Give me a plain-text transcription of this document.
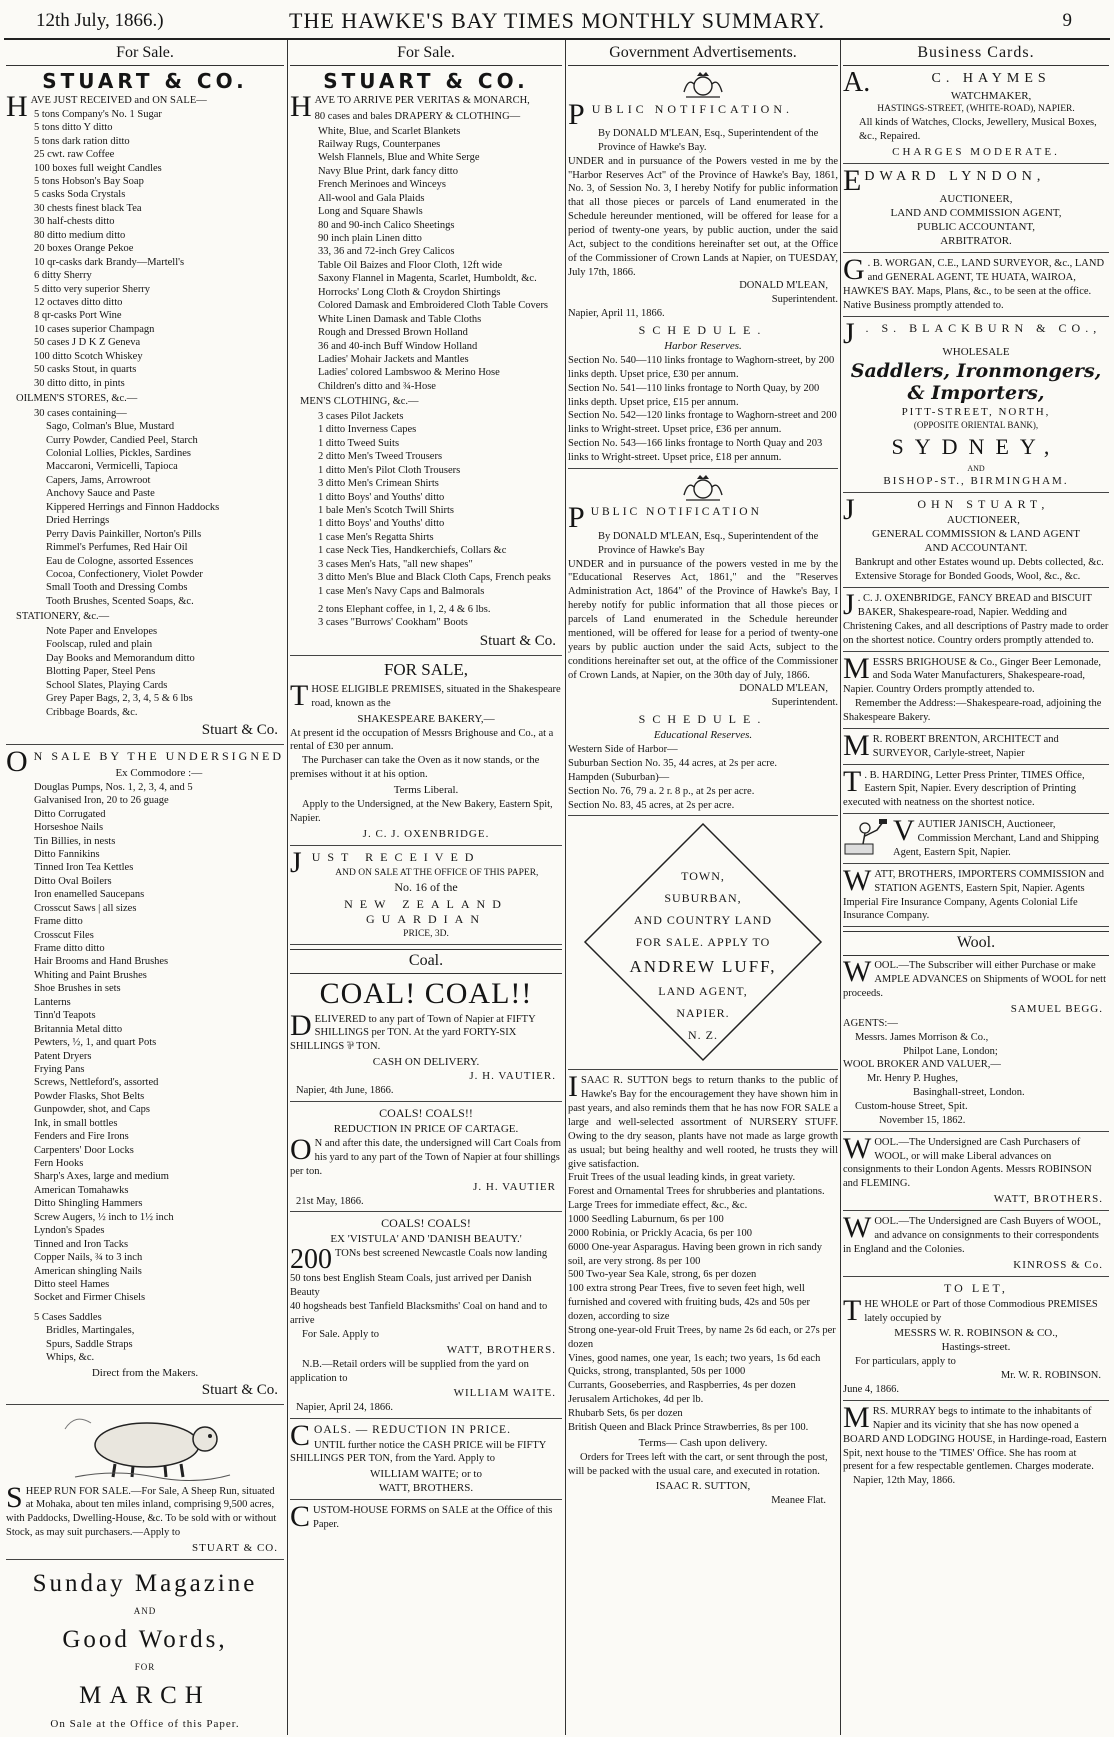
12th July, 1866.)	THE HAWKE'S BAY TIMES MONTHLY SUMMARY.	9
For Sale.
STUART & CO.

HAVE JUST RECEIVED and ON SALE—

5 tons Company's No. 1 Sugar

5 tons ditto Y ditto

5 tons dark ration ditto

25 cwt. raw Coffee

100 boxes full weight Candles

5 tons Hobson's Bay Soap

5 casks Soda Crystals

30 chests finest black Tea

30 half-chests ditto

80 ditto medium ditto

20 boxes Orange Pekoe

10 qr-casks dark Brandy—Martell's

6 ditty Sherry

5 ditto very superior Sherry

12 octaves ditto ditto

8 qr-casks Port Wine

10 cases superior Champagn

50 cases J D K Z Geneva

100 ditto Scotch Whiskey

50 casks Stout, in quarts

30 ditto ditto, in pints

OILMEN'S STORES, &c.—

30 cases containing—

Sago, Colman's Blue, Mustard

Curry Powder, Candied Peel, Starch

Colonial Lollies, Pickles, Sardines

Maccaroni, Vermicelli, Tapioca

Capers, Jams, Arrowroot

Anchovy Sauce and Paste

Kippered Herrings and Finnon Haddocks

Dried Herrings

Perry Davis Painkiller, Norton's Pills

Rimmel's Perfumes, Red Hair Oil

Eau de Cologne, assorted Essences

Cocoa, Confectionery, Violet Powder

Small Tooth and Dressing Combs

Tooth Brushes, Scented Soaps, &c.

STATIONERY, &c.—

Note Paper and Envelopes

Foolscap, ruled and plain

Day Books and Memorandum ditto

Blotting Paper, Steel Pens

School Slates, Playing Cards

Grey Paper Bags, 2, 3, 4, 5 & 6 lbs

Cribbage Boards, &c.

Stuart & Co.

O N SALE BY THE UNDERSIGNED

Ex Commodore :—

Douglas Pumps, Nos. 1, 2, 3, 4, and 5

Galvanised Iron, 20 to 26 guage

Ditto Corrugated

Horseshoe Nails

Tin Billies, in nests

Ditto Fannikins

Tinned Iron Tea Kettles

Ditto Oval Boilers

Iron enamelled Saucepans

Crosscut Saws | all sizes

Frame ditto

Crosscut Files

Frame ditto ditto

Hair Brooms and Hand Brushes

Whiting and Paint Brushes

Shoe Brushes in sets

Lanterns

Tinn'd Teapots

Britannia Metal ditto

Pewters, ½, 1, and quart Pots

Patent Dryers

Frying Pans

Screws, Nettleford's, assorted

Powder Flasks, Shot Belts

Gunpowder, shot, and Caps

Ink, in small bottles

Fenders and Fire Irons

Carpenters' Door Locks

Fern Hooks

Sharp's Axes, large and medium

American Tomahawks

Ditto Shingling Hammers

Screw Augers, ½ inch to 1½ inch

Lyndon's Spades

Tinned and Iron Tacks

Copper Nails, ¾ to 3 inch

American shingling Nails

Ditto steel Hames

Socket and Firmer Chisels

5 Cases Saddles

Bridles, Martingales,

Spurs, Saddle Straps

Whips, &c.

Direct from the Makers.

Stuart & Co.

SHEEP RUN FOR SALE.—For Sale, A Sheep Run, situated at Mohaka, about ten miles inland, comprising 9,500 acres, with Paddocks, Dwelling-House, &c. To be sold with or without Stock, as may suit purchasers.—Apply to

STUART & CO.
Sunday Magazine
AND
Good Words,
FOR
MARCH
On Sale at the Office of this Paper.
For Sale.
STUART & CO.

HAVE TO ARRIVE PER VERITAS & MONARCH,

80 cases and bales DRAPERY & CLOTHING—

White, Blue, and Scarlet Blankets

Railway Rugs, Counterpanes

Welsh Flannels, Blue and White Serge

Navy Blue Print, dark fancy ditto

French Merinoes and Winceys

All-wool and Gala Plaids

Long and Square Shawls

80 and 90-inch Calico Sheetings

90 inch plain Linen ditto

33, 36 and 72-inch Grey Calicos

Table Oil Baizes and Floor Cloth, 12ft wide

Saxony Flannel in Magenta, Scarlet, Humboldt, &c.

Horrocks' Long Cloth & Croydon Shirtings

Colored Damask and Embroidered Cloth Table Covers

White Linen Damask and Table Cloths

Rough and Dressed Brown Holland

36 and 40-inch Buff Window Holland

Ladies' Mohair Jackets and Mantles

Ladies' colored Lambswoo & Merino Hose

Children's ditto and ¾-Hose

MEN'S CLOTHING, &c.—

3 cases Pilot Jackets

1 ditto Inverness Capes

1 ditto Tweed Suits

2 ditto Men's Tweed Trousers

1 ditto Men's Pilot Cloth Trousers

3 ditto Men's Crimean Shirts

1 ditto Boys' and Youths' ditto

1 bale Men's Scotch Twill Shirts

1 ditto Boys' and Youths' ditto

1 case Men's Regatta Shirts

1 case Neck Ties, Handkerchiefs, Collars &c

3 cases Men's Hats, "all new shapes"

3 ditto Men's Blue and Black Cloth Caps, French peaks

1 case Men's Navy Caps and Balmorals

2 tons Elephant coffee, in 1, 2, 4 & 6 lbs.

3 cases "Burrows' Cookham" Boots

Stuart & Co.
FOR SALE,

THOSE ELIGIBLE PREMISES, situated in the Shakespeare road, known as the

SHAKESPEARE BAKERY,—

At present id the occupation of Messrs Brighouse and Co., at a rental of £30 per annum.

The Purchaser can take the Oven as it now stands, or the premises without it at his option.

Terms Liberal.

Apply to the Undersigned, at the New Bakery, Eastern Spit, Napier.

J. C. J. OXENBRIDGE.

JUST RECEIVED

AND ON SALE AT THE OFFICE OF THIS PAPER,

No. 16 of the

NEW ZEALAND GUARDIAN

PRICE, 3D.

Coal.
COAL! COAL!!

DELIVERED to any part of Town of Napier at FIFTY SHILLINGS per TON. At the yard FORTY-SIX SHILLINGS ⅌ TON.

CASH ON DELIVERY.

J. H. VAUTIER.

Napier, 4th June, 1866.

COALS! COALS!!

REDUCTION IN PRICE OF CARTAGE.

O N and after this date, the undersigned will Cart Coals from his yard to any part of the Town of Napier at four shillings per ton.

J. H. VAUTIER

21st May, 1866.

COALS! COALS!

EX 'VISTULA' AND 'DANISH BEAUTY.'

200 TONs best screened Newcastle Coals now landing

50 tons best English Steam Coals, just arrived per Danish Beauty

40 hogsheads best Tanfield Blacksmiths' Coal on hand and to arrive

For Sale. Apply to

WATT, BROTHERS.

N.B.—Retail orders will be supplied from the yard on application to

WILLIAM WAITE.

Napier, April 24, 1866.

COALS. — REDUCTION IN PRICE.

UNTIL further notice the CASH PRICE will be FIFTY SHILLINGS PER TON, from the Yard. Apply to

WILLIAM WAITE; or to
WATT, BROTHERS.

CUSTOM-HOUSE FORMS on SALE at the Office of this Paper.

Government Advertisements.

PUBLIC NOTIFICATION.

By DONALD M'LEAN, Esq., Superintendent of the Province of Hawke's Bay.

UNDER and in pursuance of the Powers vested in me by the "Harbor Reserves Act" of the Province of Hawke's Bay, 1861, No. 3, of Session No. 3, I hereby Notify for public information that all those pieces or parcels of Land enumerated in the Schedule hereunder mentioned, will be offered for lease for a period of twenty-one years, by public auction, under the said Act, subject to the conditions hereinafter set out, at the Office of the Commissioner of Crown Lands at Napier, on TUESDAY, July 17th, 1866.

DONALD M'LEAN,
Superintendent.

Napier, April 11, 1866.

SCHEDULE.

Harbor Reserves.

Section No. 540—110 links frontage to Waghorn-street, by 200 links depth. Upset price, £30 per annum.

Section No. 541—110 links frontage to North Quay, by 200 links depth. Upset price, £15 per annum.

Section No. 542—120 links frontage to Waghorn-street and 200 links to Wright-street. Upset price, £36 per annum.

Section No. 543—166 links frontage to North Quay and 203 links to Wright-street. Upset price, £18 per annum.

PUBLIC NOTIFICATION

By DONALD M'LEAN, Esq., Superintendent of the Province of Hawke's Bay

UNDER and in pursuance of the powers vested in me by the "Educational Reserves Act, 1861," and the "Reserves Administration Act, 1864" of the Province of Hawke's Bay, I hereby notify for public information that all those pieces or parcels of Land enumerated in the Schedule hereunder mentioned, will be offered for lease for a period of twenty-one years by public auction under the said Acts, subject to the conditions hereinafter set out, at the office of the Commissioner of Crown Lands, at Napier, on the 30th day of July, 1866.

DONALD M'LEAN,
Superintendent.

SCHEDULE.

Educational Reserves.

Western Side of Harbor—

Suburban Section No. 35, 44 acres, at 2s per acre.

Hampden (Suburban)—

Section No. 76, 79 a. 2 r. 8 p., at 2s per acre.

Section No. 83, 45 acres, at 2s per acre.

TOWN,
SUBURBAN,
AND COUNTRY LAND
FOR SALE. APPLY TO
ANDREW LUFF,
LAND AGENT,
NAPIER.
N. Z.

ISAAC R. SUTTON begs to return thanks to the public of Hawke's Bay for the encouragement they have shown him in past years, and also reminds them that he has now FOR SALE a large and well-selected assortment of NURSERY STUFF. Owing to the dry season, plants have not made as large growth as usual; but being healthy and well rooted, he trusts they will give satisfaction.

Fruit Trees of the usual leading kinds, in great variety.

Forest and Ornamental Trees for shrubberies and plantations.

Large Trees for immediate effect, &c., &c.

1000 Seedling Laburnum, 6s per 100

2000 Robinia, or Prickly Acacia, 6s per 100

6000 One-year Asparagus. Having been grown in rich sandy soil, are very strong. 8s per 100

500 Two-year Sea Kale, strong, 6s per dozen

100 extra strong Pear Trees, five to seven feet high, well furnished and covered with fruiting buds, 42s and 50s per dozen, according to size

Strong one-year-old Fruit Trees, by name 2s 6d each, or 27s per dozen

Vines, good names, one year, 1s each; two years, 1s 6d each

Quicks, strong, transplanted, 50s per 1000

Currants, Gooseberries, and Raspberries, 4s per dozen

Jerusalem Artichokes, 4d per lb.

Rhubarb Sets, 6s per dozen

British Queen and Black Prince Strawberries, 8s per 100.

Terms— Cash upon delivery.

Orders for Trees left with the cart, or sent through the post, will be packed with the usual care, and executed in rotation.

ISAAC R. SUTTON,
Meanee Flat.
Business Cards.

A.	C. HAYMES

WATCHMAKER,

HASTINGS-STREET, (WHITE-ROAD), NAPIER.

All kinds of Watches, Clocks, Jewellery, Musical Boxes, &c., Repaired.

CHARGES MODERATE.

E DWARD LYNDON,

AUCTIONEER,

LAND AND COMMISSION AGENT,

PUBLIC ACCOUNTANT,

ARBITRATOR.

G . B. WORGAN, C.E., LAND SURVEYOR, &c., LAND and GENERAL AGENT, TE HUATA, WAIROA, HAWKE'S BAY. Maps, Plans, &c., to be seen at the office. Native Business promptly attended to.

J . S. BLACKBURN & CO.,

WHOLESALE

Saddlers, Ironmongers, & Importers,

PITT-STREET, NORTH,

(OPPOSITE ORIENTAL BANK),

SYDNEY,

AND

BISHOP-ST., BIRMINGHAM.

J	OHN STUART,

AUCTIONEER,

GENERAL COMMISSION & LAND AGENT

AND ACCOUNTANT.

Bankrupt and other Estates wound up. Debts collected, &c.

Extensive Storage for Bonded Goods, Wool, &c., &c.

J . C. J. OXENBRIDGE, FANCY BREAD and BISCUIT BAKER, Shakespeare-road, Napier. Wedding and Christening Cakes, and all descriptions of Pastry made to order on the shortest notice. Country orders promptly attended to.

MESSRS BRIGHOUSE & Co., Ginger Beer Lemonade, and Soda Water Manufacturers, Shakespeare-road, Napier. Country Orders promptly attended to.

Remember the Address:—Shakespeare-road, adjoining the Shakespeare Bakery.

M R. ROBERT BRENTON, ARCHITECT and SURVEYOR, Carlyle-street, Napier

T . B. HARDING, Letter Press Printer, TIMES Office, Eastern Spit, Napier. Every description of Printing executed with neatness on the shortest notice.

VAUTIER JANISCH, Auctioneer, Commission Merchant, Land and Shipping Agent, Eastern Spit, Napier.

WATT, BROTHERS, IMPORTERS COMMISSION and STATION AGENTS, Eastern Spit, Napier. Agents Imperial Fire Insurance Company, Agents Colonial Life Insurance Company.

Wool.

WOOL.—The Subscriber will either Purchase or make AMPLE ADVANCES on Shipments of WOOL for nett proceeds.

SAMUEL BEGG.

AGENTS:—

Messrs. James Morrison & Co.,

Philpot Lane, London;

WOOL BROKER AND VALUER,—

Mr. Henry P. Hughes,

Basinghall-street, London.

Custom-house Street, Spit.

November 15, 1862.

WOOL.—The Undersigned are Cash Purchasers of WOOL, or will make Liberal advances on consignments to their London Agents. Messrs ROBINSON and FLEMING.

WATT, BROTHERS.

WOOL.—The Undersigned are Cash Buyers of WOOL, and advance on consignments to their correspondents in England and the Colonies.

KINROSS & Co.

TO LET,

THE WHOLE or Part of those Commodious PREMISES lately occupied by

MESSRS W. R. ROBINSON & CO.,

Hastings-street.

For particulars, apply to

Mr. W. R. ROBINSON.

June 4, 1866.

MRS. MURRAY begs to intimate to the inhabitants of Napier and its vicinity that she has now opened a BOARD AND LODGING HOUSE, in Hardinge-road, Eastern Spit, next house to the 'TIMES' Office. She has room at present for a few respectable gentlemen. Charges moderate.

Napier, 12th May, 1866.
